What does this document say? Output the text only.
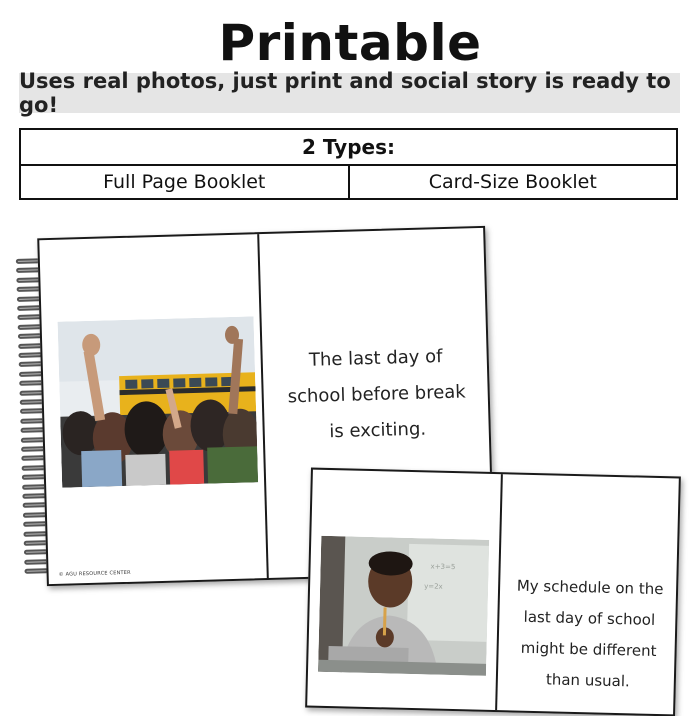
Printable
Uses real photos, just print and social story is ready to go!
2 Types:
Full Page Booklet	Card-Size Booklet
The last day of
school before break
is exciting.
© AGU RESOURCE CENTER
x+3=5
y=2x	My schedule on the
last day of school
might be different
than usual.
